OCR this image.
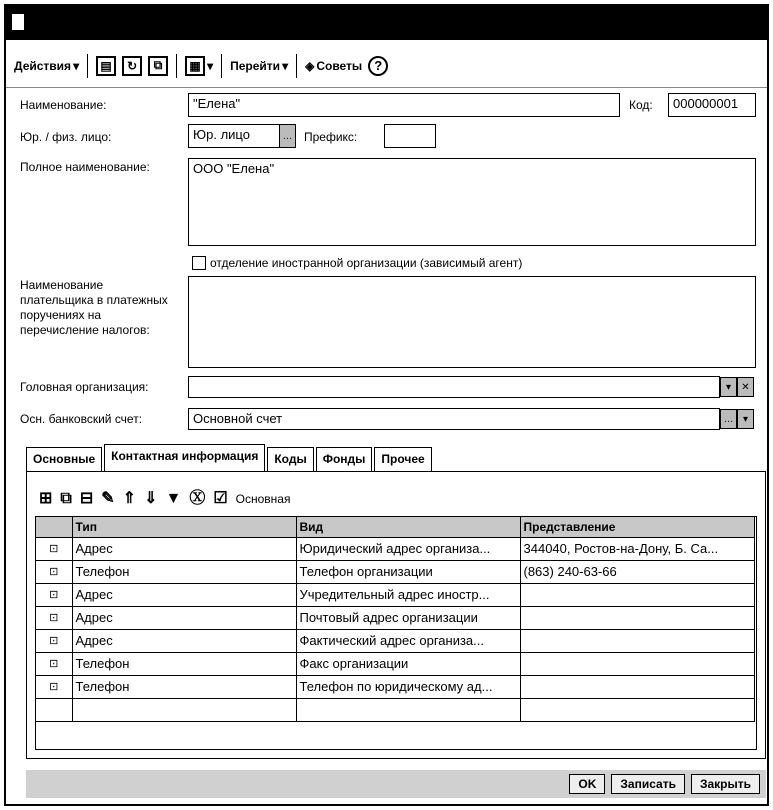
Действия ▾	▤	↻	⧉	▦ ▾ Перейти ▾ ◈ Советы ?
Наименование:	"Елена"	Код:	000000001
Юр. / физ. лицо:	Юр. лицо	… Префикс:
Полное наименование:	ООО "Елена"
отделение иностранной организации (зависимый агент)
Наименование плательщика в платежных поручениях на перечисление налогов:
Головная организация:	▾	✕
Осн. банковский счет:	Основной счет	… ▾
Основные	Контактная информация	Коды	Фонды	Прочее
⊞ ⧉ ⊟ ✎ ⇑ ⇓ ▼ Ⓧ ☑ Основная
	Тип	Вид	Представление
⊡	Адрес	Юридический адрес организа...	344040, Ростов-на-Дону, Б. Са...
⊡	Телефон	Телефон организации	(863) 240-63-66
⊡	Адрес	Учредительный адрес иностр...	
⊡	Адрес	Почтовый адрес организации	
⊡	Адрес	Фактический адрес организа...	
⊡	Телефон	Факс организации	
⊡	Телефон	Телефон по юридическому ад...	

OK	Записать	Закрыть
